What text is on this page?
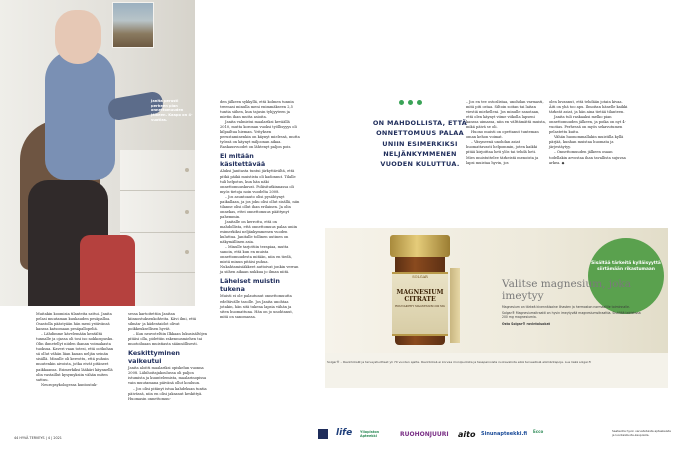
Janita perusti perheen pian onnettomuuden jälkeen. Kaapo on 4-vuotias.

Muitakin koomisia tilanteita sattui. Janita pelasi muutaman kuukauden pesäpalloa. Osastolla päästyään hän meni ystävänsä kanssa katsomaan pesäpallopeliä.

– Lähdimme kävelemään kentältä tunnalle ja ojassa oli tosi iso nokkospusku. Olin ihmetellyt niiden ihanan voimakasta tuoksua. Kaveri vaan totesi, että ootkohan sä ollut vähän liian kauan neljän seinän sisällä. Minulle oli kerrottu, että puhuin muutenkin aivoista, jotka eivät pitäneet paikkaansa. Esimerkiksi lääkäri käynnellä olin vastaillut kysymyksiin vähän miten sattuu.

Neuropsykologessa kuntoutuk-

sessa kartoitettiin Janitan kiinnostuksenkohteita. Kävi ilmi, että silmän- ja kädentaidot olivat poikkeuksellisen hyvät.

– Kun neuvoteltiin Ilkkaan lukusisältöjen pitäisi olla, pidettiin rakennusmiehen tai muotoiluaan muistiasta säännöllisesti.

Keskittyminen vaikeutui

Janita aloitti maalariksi opiskelun vuonna 2008. Lähihoitajakoulussa oli paljon istumista ja kuuntelemista, maalarinopissa vain muutamana päivänä ollut kouluun.

– Jos olisi pitänyt istua kahdeksan tuntia päivässä, niin en olisi jaksanut keskittyä. Huomasin onnettomuu-

den jälkeen sykkyllä, että kolmen tunnin treenasi minulla meni enimmäkseen 2,5 tuntia siihen, kun tajusin tyhjyyteen ja mietin ihan mutta asioita.

Janita valmistui maalariksi keväällä 2010, mutta koronan vuoksi työllisyyys oli kilpailtua hieman. Yrityksen perustaminenkin on käynyt mielessä, mutta työssä on käynyt miljoonan aikaa. Raskausvuodet on lähtenyt paljon pois.

Ei mitään käsitettävää

Aluksi Janitasta tuntui järkyttävältä, että pitkä päikä muistista oli kadonnut. Tilalle tuli helpotus, kun hän näki onnettomuuskuvat. Poliisitutkinnassa oli myös tietoja noin vuodelta 2008.

– Jos asuntoauto olisi pysähtynyt paikallaan, ja jos joku olisi ollut sisällä, niin tilanne olisi ollut ihan erilainen. Ja olin onnekas, ettei onnettomuus päättynyt pahemmin.

Janitalle on kerrottu, että on mahdollista, että onnettomuus palaa uniin esimerkiksi neljänkymmenen vuoden kuluttua. Janitalle tollinen uutinen on näkymällinen asia.

– Minulle tarjottiin terapiaa, mutta sanoin, että kun en muista onnettomuudesta mitään, niin en tiedä, mistä minun pitäisi puhua. Nukahtamisiäkkeet auttoivat jonkin verran ja siihen aikaan nukkua jo ilman niitä.

Läheiset muistin tukena

Muisti ei ole palautunut onnettomuutta edeltävälle tasolle. Jos Janita unohtaa jotakin, hän sitä tukena lapsia vähän ja siten huomattuna. Hän on jo unohtanut, mitä on sanomassa.

ON MAHDOLLISTA, ETTÄ ONNETTOMUUS PALAA UNIIN ESIMERKIKSI NELJÄNKYMMENEN VUODEN KULUTTUA.

– Jos en tee ostoslistaa, unohdan varmasti, mitä piti ostaa. Siltoin soitan tai laitan viestiä miehelleni. Jos minulle sanotaan, että olen käynyt viime viikolla lapseni kanssa uimassa, niin en välttämättä muista, mikä päivä se oli.

Huono muisti on opettanut tunteman oman kehon voimat.

– Väsyneenä unohdan asiat huomattavasti helpommin, joten kaikki pitää kirjoittaa heti ylös tai tehdä heti. Mies muistuttelee tärkeistä menoista ja lapsi muistaa hyvin, jos

olen luvannut, että tehdään jotain kivaa. Äiti on yhä too apu. Ilmoitan hänelle kaikki tärkeät asiat, ja hän aina tietää tilanteen.

Janita tuli raskaaksi melko pian onnettomuuden jälkeen, ja poika on nyt 4-vuotias. Perhessä on myös sekavutumen pelastettu kuitu.

Vähän huonommallakin muistilla kyllä pärjää, kunhan muistaa huomata ja järjestäytyy.

– Onnettomuuden jälkeen osaan todellakin arvostaa ihan tavallista sujuvaa arkea. ◆

SOLGAR
MAGNESIUM CITRATE
ROUNAKIHTY MAGNESIUM 200 MG
Sisältää tärkeitä kylläisyyttä siirtämään rikastumaan
Valitse magnesium, joka imeytyy
Magnesium on tärkeä kivennäisaine lihasten ja hermoston normaalille toiminnalle.
Solgar® Magnesiumsitraatti on hyvin imeytyvää magnesiumsitraattia. Sisältää tabletissa 200 mg magnesiumia.
Osta Solgar® ravintoluokat
Solgar® – Ravintolisät ja terveystuotteet yli 70 vuoden ajalta. Ravintolisä ei korvaa monipuolista ja tasapainoista ruokavaliota eikä terveellisiä elämäntapoja. Lue lisää solgar.fi
44 HYVÄ TERVEYS | 4 | 2021	life Yliopiston Apteekki	RUOHONJUURI aito Sinunapteekki.fi Ecco	Saatavilla hyvin varustetuista apteekeista ja luontaistuote-kaupoista.
